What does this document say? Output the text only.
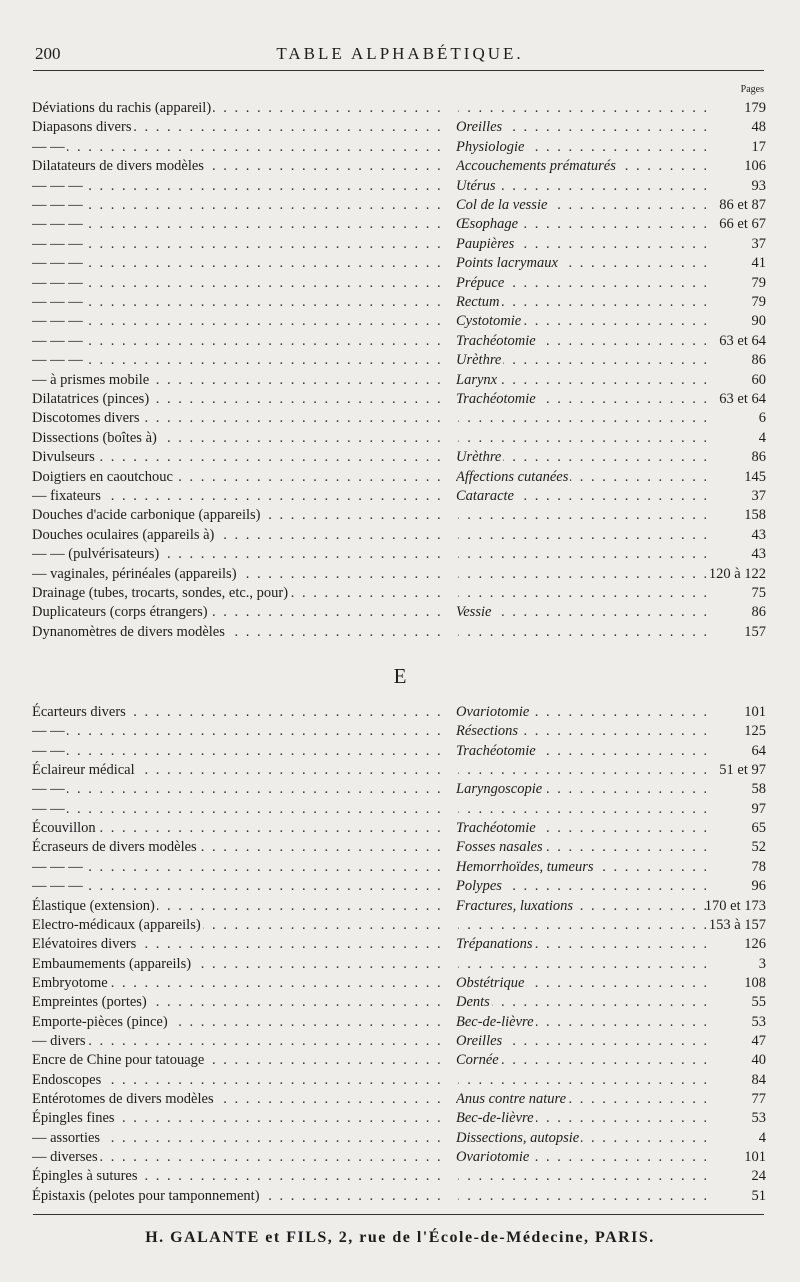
200	TABLE ALPHABÉTIQUE.
Pages
Déviations du rachis (appareil) . . . . . .	179
Diapasons divers . . .	Oreilles . . .	48
— — . . .	Physiologie . . .	17
Dilatateurs de divers modèles . . .	Accouchements prématurés . . .	106
— — — . . .	Utérus . . .	93
— — — . . .	Col de la vessie . . .	86 et 87
— — — . . .	Œsophage . . .	66 et 67
— — — . . .	Paupières . . .	37
— — — . . .	Points lacrymaux . . .	41
— — — . . .	Prépuce . . .	79
— — — . . .	Rectum . . .	79
— — — . . .	Cystotomie . . .	90
— — — . . .	Trachéotomie . . .	63 et 64
— — — . . .	Urèthre . . .	86
— à prismes mobile . . .	Larynx . . .	60
Dilatatrices (pinces) . . .	Trachéotomie . . .	63 et 64
Discotomes divers . . . . . .	6
Dissections (boîtes à) . . . . . .	4
Divulseurs . . .	Urèthre . . .	86
Doigtiers en caoutchouc . . .	Affections cutanées . . .	145
— fixateurs . . .	Cataracte . . .	37
Douches d'acide carbonique (appareils) . . . . . .	158
Douches oculaires (appareils à) . . . . . .	43
— — (pulvérisateurs) . . . . . .	43
— vaginales, périnéales (appareils) . . . . . .	120 à 122
Drainage (tubes, trocarts, sondes, etc., pour) . . . . . .	75
Duplicateurs (corps étrangers) . . .	Vessie . . .	86
Dynanomètres de divers modèles . . . . . .	157
E
Écarteurs divers . . .	Ovariotomie . . .	101
— — . . .	Résections . . .	125
— — . . .	Trachéotomie . . .	64
Éclaireur médical . . . . . .	51 et 97
— — . . .	Laryngoscopie . . .	58
— — . . . . . .	97
Écouvillon . . .	Trachéotomie . . .	65
Écraseurs de divers modèles . . .	Fosses nasales . . .	52
— — — . . .	Hemorrhoïdes, tumeurs . . .	78
— — — . . .	Polypes . . .	96
Élastique (extension) . . .	Fractures, luxations . . .	170 et 173
Electro-médicaux (appareils) . . . . . .	153 à 157
Elévatoires divers . . .	Trépanations . . .	126
Embaumements (appareils) . . . . . .	3
Embryotome . . .	Obstétrique . . .	108
Empreintes (portes) . . .	Dents . . .	55
Emporte-pièces (pince) . . .	Bec-de-lièvre . . .	53
— divers . . .	Oreilles . . .	47
Encre de Chine pour tatouage . . .	Cornée . . .	40
Endoscopes . . . . . .	84
Entérotomes de divers modèles . . .	Anus contre nature . . .	77
Épingles fines . . .	Bec-de-lièvre . . .	53
— assorties . . .	Dissections, autopsie . . .	4
— diverses . . .	Ovariotomie . . .	101
Épingles à sutures . . . . . .	24
Épistaxis (pelotes pour tamponnement) . . . . . .	51
H. GALANTE et FILS, 2, rue de l'École-de-Médecine, PARIS.
